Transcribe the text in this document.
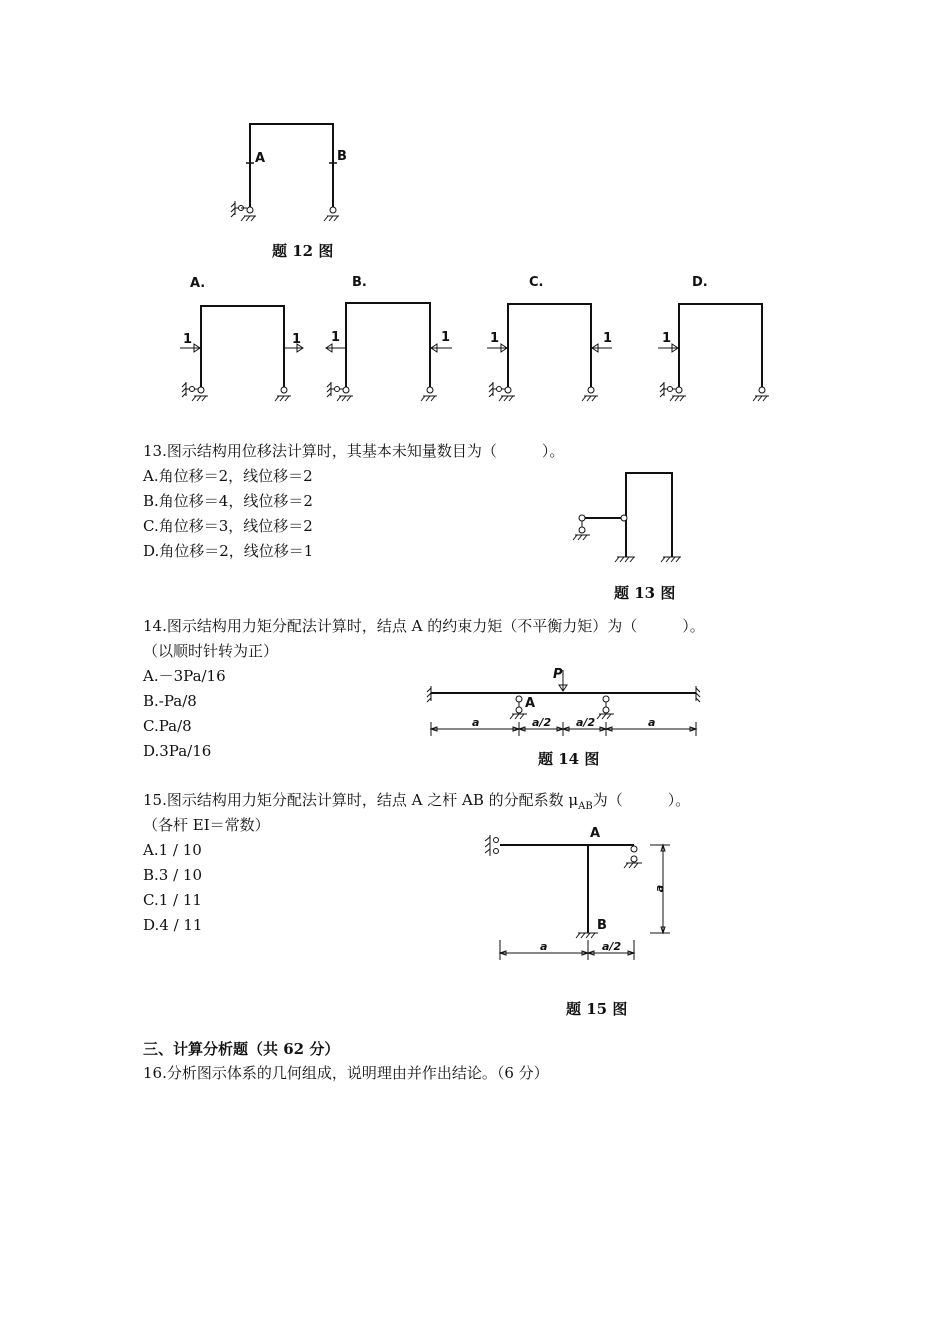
A	B
题 12 图
A.	B.	C.	D.
1	1 1	1	1	1	1
13.图示结构用位移法计算时，其基本未知量数目为（　　　）。
A.角位移＝2，线位移＝2
B.角位移＝4，线位移＝2
C.角位移＝3，线位移＝2
D.角位移＝2，线位移＝1
题 13 图
14.图示结构用力矩分配法计算时，结点 A 的约束力矩（不平衡力矩）为（　　　）。
（以顺时针转为正）
A.－3Pa/16
B.-Pa/8
C.Pa/8
D.3Pa/16
P
A
a	a/2 a/2	a
题 14 图
15.图示结构用力矩分配法计算时，结点 A 之杆 AB 的分配系数 $\mu_{AB}$为（　　　）。
（各杆 EI＝常数）
A.1 / 10
B.3 / 10
C.1 / 11
D.4 / 11
A
B
a	a/2
a
题 15 图
三、计算分析题（共 62 分）
16.分析图示体系的几何组成，说明理由并作出结论。（6 分）
